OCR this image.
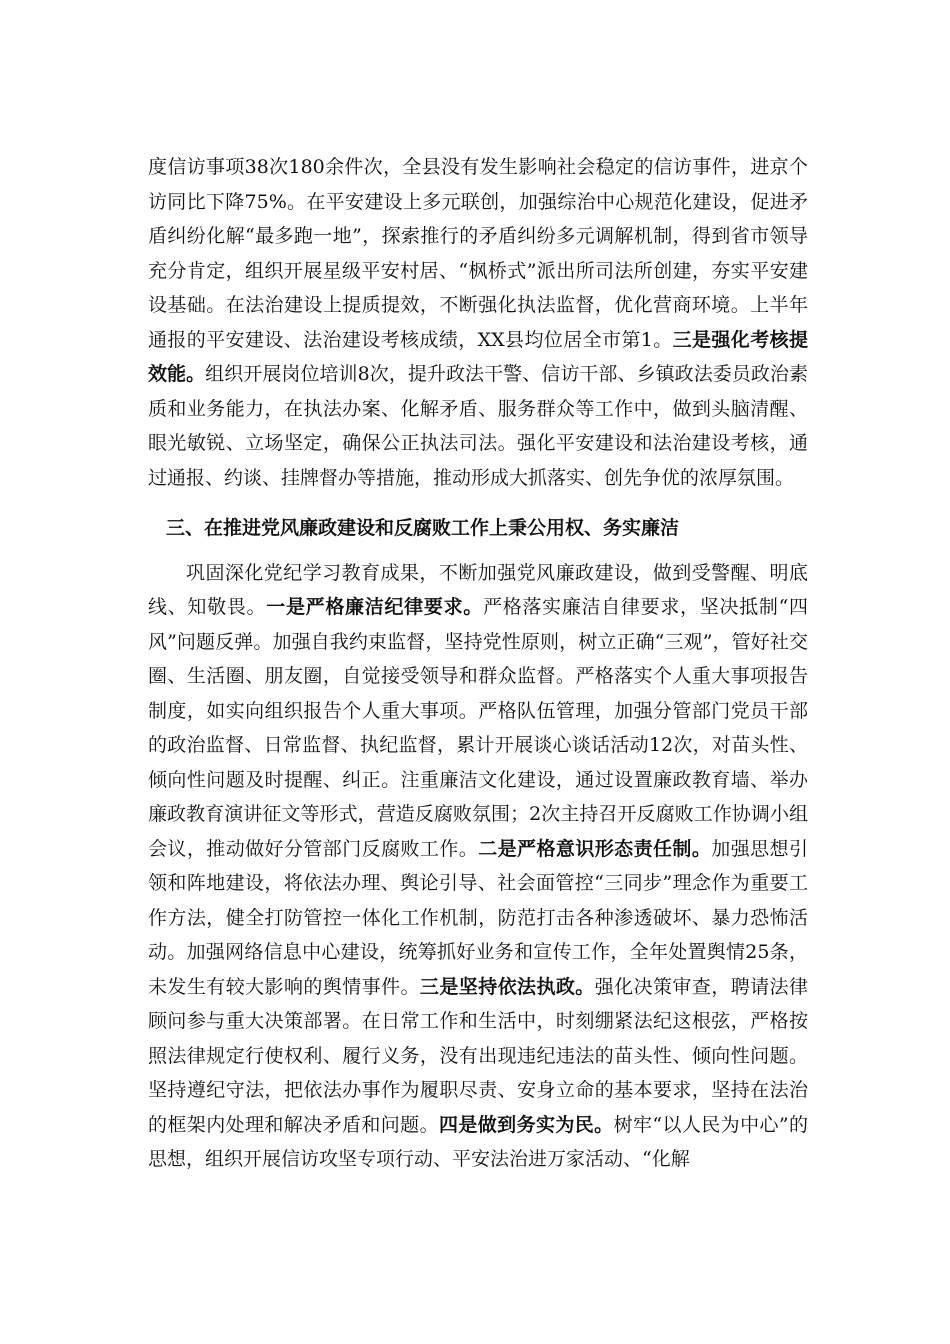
度信访事项38次180余件次，全县没有发生影响社会稳定的信访事件，进京个访同比下降75%。在平安建设上多元联创，加强综治中心规范化建设，促进矛盾纠纷化解“最多跑一地”，探索推行的矛盾纠纷多元调解机制，得到省市领导充分肯定，组织开展星级平安村居、“枫桥式”派出所司法所创建，夯实平安建设基础。在法治建设上提质提效，不断强化执法监督，优化营商环境。上半年通报的平安建设、法治建设考核成绩，XX县均位居全市第1。三是强化考核提效能。组织开展岗位培训8次，提升政法干警、信访干部、乡镇政法委员政治素质和业务能力，在执法办案、化解矛盾、服务群众等工作中，做到头脑清醒、眼光敏锐、立场坚定，确保公正执法司法。强化平安建设和法治建设考核，通过通报、约谈、挂牌督办等措施，推动形成大抓落实、创先争优的浓厚氛围。

三、在推进党风廉政建设和反腐败工作上秉公用权、务实廉洁

巩固深化党纪学习教育成果，不断加强党风廉政建设，做到受警醒、明底线、知敬畏。一是严格廉洁纪律要求。严格落实廉洁自律要求，坚决抵制“四风”问题反弹。加强自我约束监督，坚持党性原则，树立正确“三观”，管好社交圈、生活圈、朋友圈，自觉接受领导和群众监督。严格落实个人重大事项报告制度，如实向组织报告个人重大事项。严格队伍管理，加强分管部门党员干部的政治监督、日常监督、执纪监督，累计开展谈心谈话活动12次，对苗头性、倾向性问题及时提醒、纠正。注重廉洁文化建设，通过设置廉政教育墙、举办廉政教育演讲征文等形式，营造反腐败氛围；2次主持召开反腐败工作协调小组会议，推动做好分管部门反腐败工作。二是严格意识形态责任制。加强思想引领和阵地建设，将依法办理、舆论引导、社会面管控“三同步”理念作为重要工作方法，健全打防管控一体化工作机制，防范打击各种渗透破坏、暴力恐怖活动。加强网络信息中心建设，统筹抓好业务和宣传工作，全年处置舆情25条，未发生有较大影响的舆情事件。三是坚持依法执政。强化决策审查，聘请法律顾问参与重大决策部署。在日常工作和生活中，时刻绷紧法纪这根弦，严格按照法律规定行使权利、履行义务，没有出现违纪违法的苗头性、倾向性问题。坚持遵纪守法，把依法办事作为履职尽责、安身立命的基本要求，坚持在法治的框架内处理和解决矛盾和问题。四是做到务实为民。树牢“以人民为中心”的思想，组织开展信访攻坚专项行动、平安法治进万家活动、“化解
